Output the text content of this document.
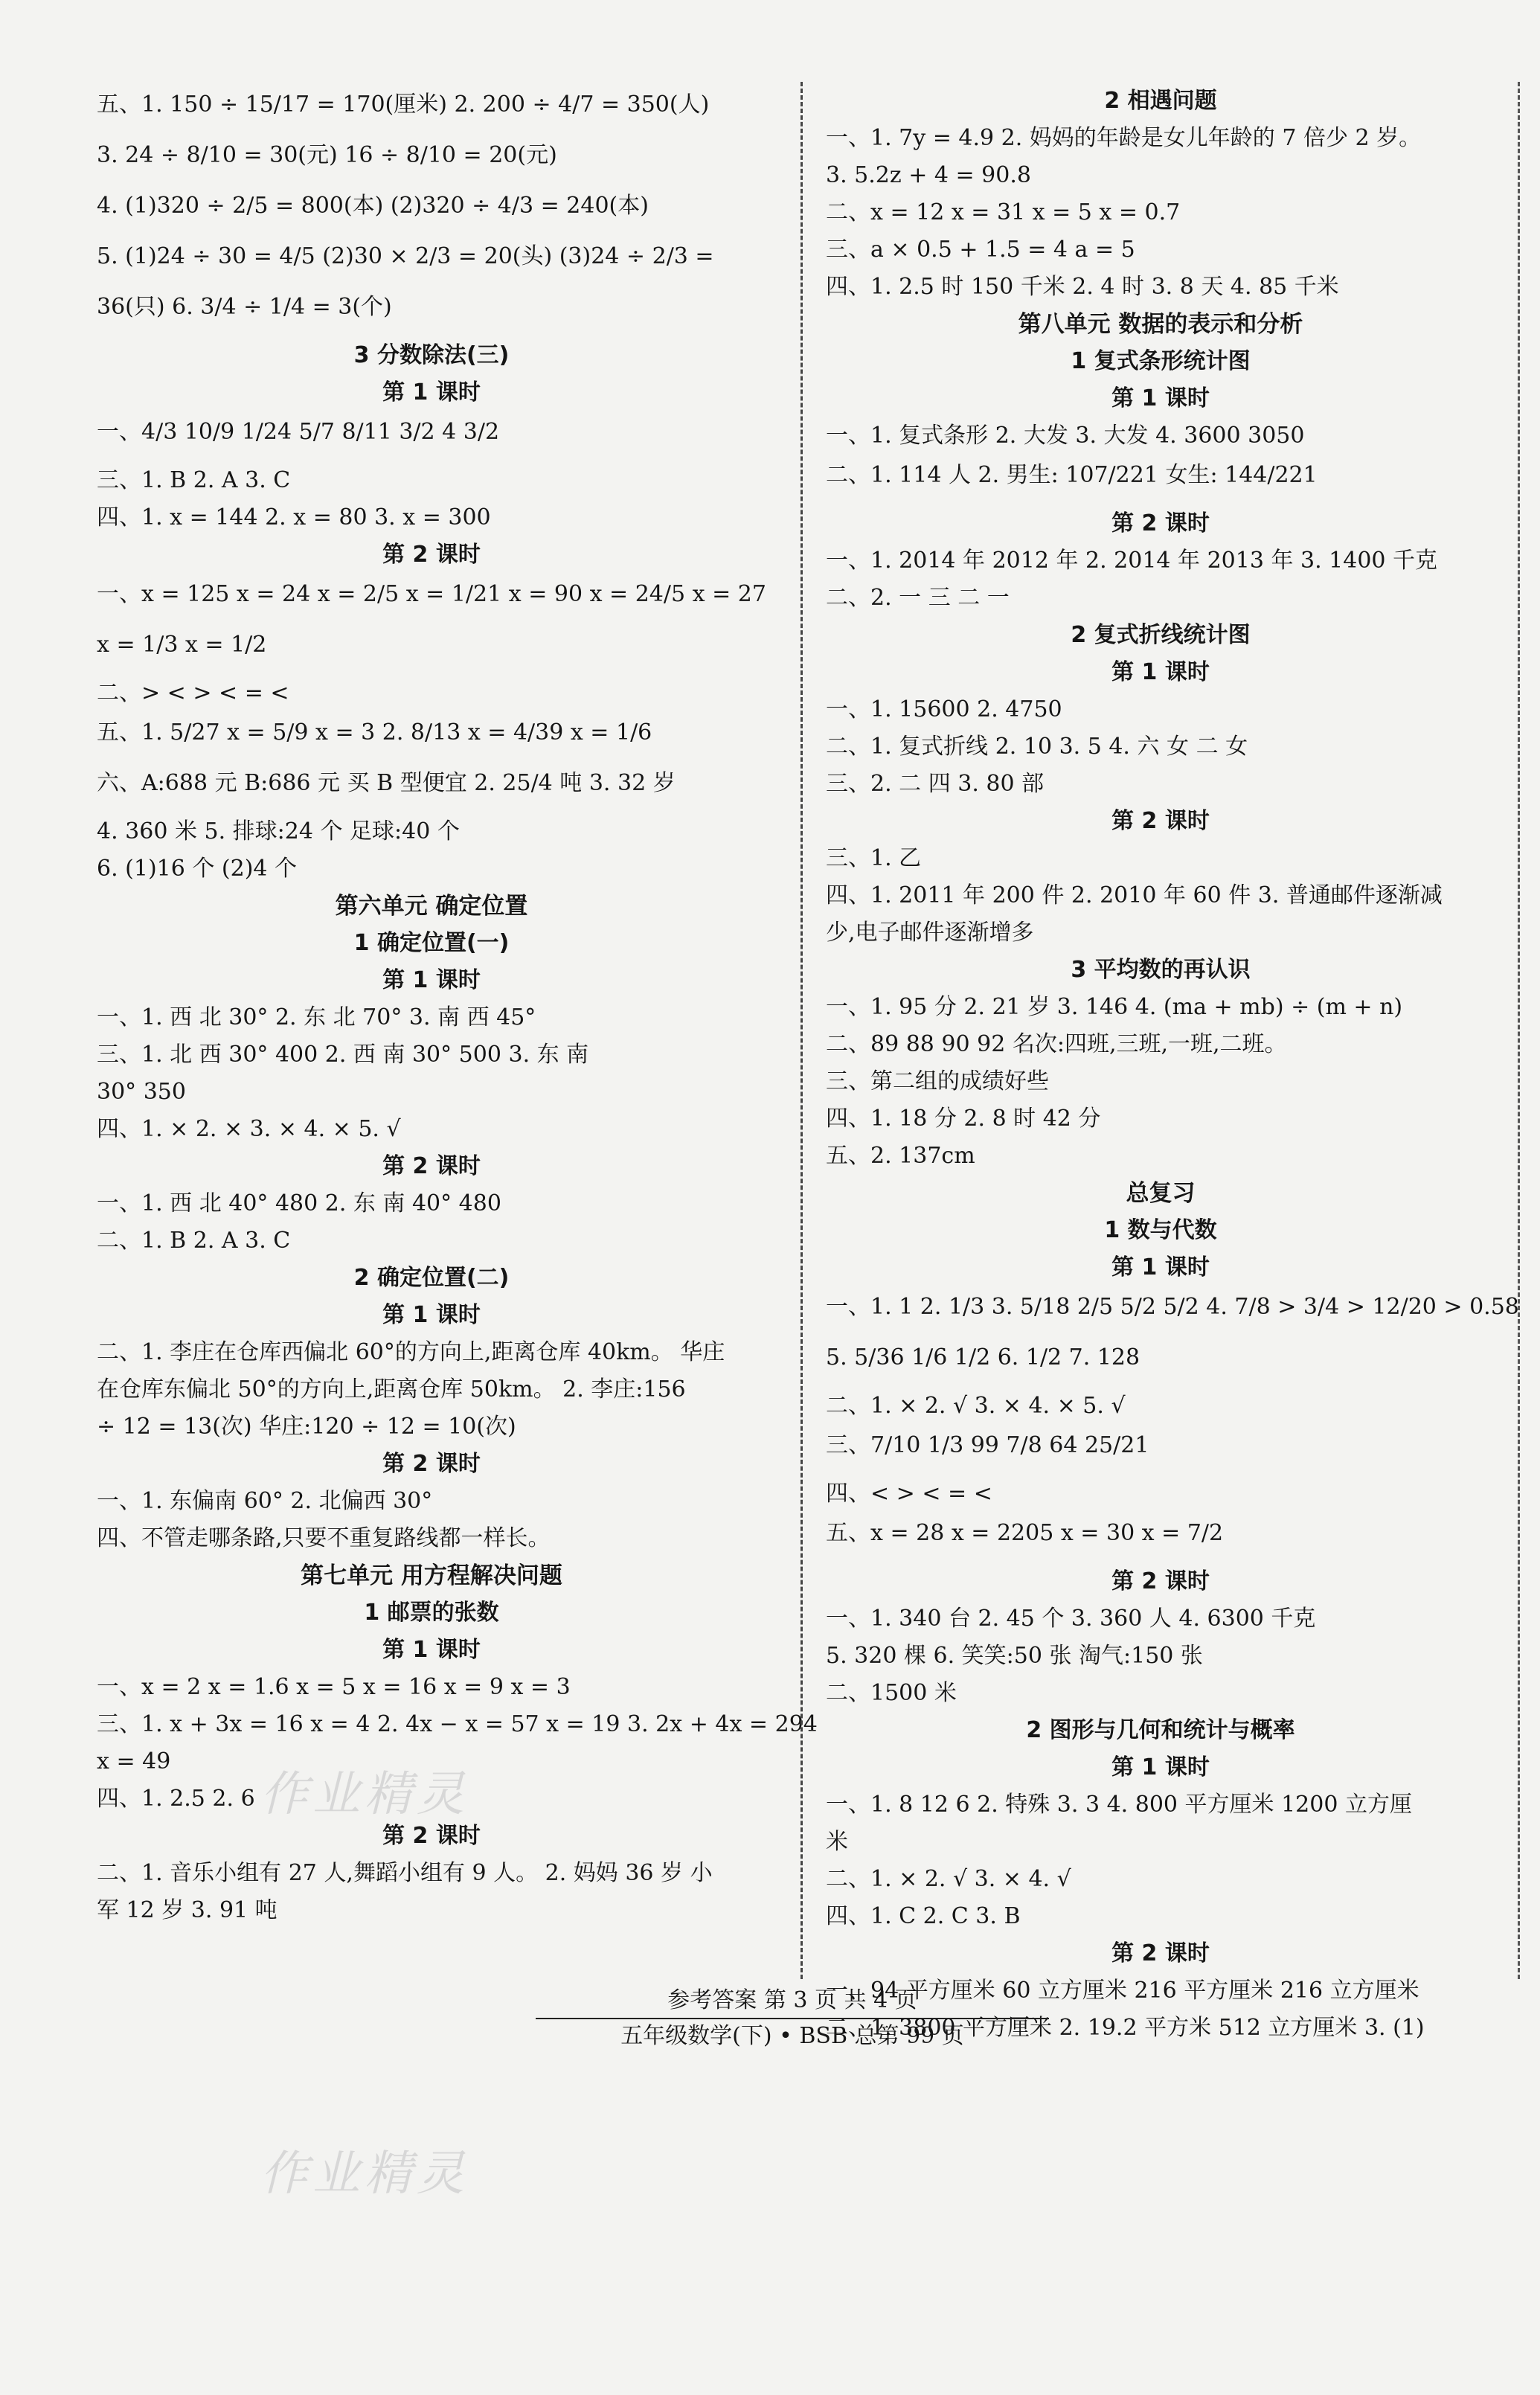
五、1. 150 ÷ 15/17 = 170(厘米) 2. 200 ÷ 4/7 = 350(人)
3. 24 ÷ 8/10 = 30(元) 16 ÷ 8/10 = 20(元)
4. (1)320 ÷ 2/5 = 800(本) (2)320 ÷ 4/3 = 240(本)
5. (1)24 ÷ 30 = 4/5 (2)30 × 2/3 = 20(头) (3)24 ÷ 2/3 =
36(只) 6. 3/4 ÷ 1/4 = 3(个)
3 分数除法(三)
第 1 课时
一、4/3 10/9 1/24 5/7 8/11 3/2 4 3/2
三、1. B 2. A 3. C
四、1. x = 144 2. x = 80 3. x = 300
第 2 课时
一、x = 125 x = 24 x = 2/5 x = 1/21 x = 90 x = 24/5 x = 27
x = 1/3 x = 1/2
二、> < > < = <
五、1. 5/27 x = 5/9 x = 3 2. 8/13 x = 4/39 x = 1/6
六、A:688 元 B:686 元 买 B 型便宜 2. 25/4 吨 3. 32 岁
4. 360 米 5. 排球:24 个 足球:40 个
6. (1)16 个 (2)4 个
第六单元 确定位置
1 确定位置(一)
第 1 课时
一、1. 西 北 30° 2. 东 北 70° 3. 南 西 45°
三、1. 北 西 30° 400 2. 西 南 30° 500 3. 东 南
30° 350
四、1. × 2. × 3. × 4. × 5. √
第 2 课时
一、1. 西 北 40° 480 2. 东 南 40° 480
二、1. B 2. A 3. C
2 确定位置(二)
第 1 课时
二、1. 李庄在仓库西偏北 60°的方向上,距离仓库 40km。 华庄
在仓库东偏北 50°的方向上,距离仓库 50km。 2. 李庄:156
÷ 12 = 13(次) 华庄:120 ÷ 12 = 10(次)
第 2 课时
一、1. 东偏南 60° 2. 北偏西 30°
四、不管走哪条路,只要不重复路线都一样长。
第七单元 用方程解决问题
1 邮票的张数
第 1 课时
一、x = 2 x = 1.6 x = 5 x = 16 x = 9 x = 3
三、1. x + 3x = 16 x = 4 2. 4x − x = 57 x = 19 3. 2x + 4x = 294
x = 49
四、1. 2.5 2. 6
第 2 课时
二、1. 音乐小组有 27 人,舞蹈小组有 9 人。 2. 妈妈 36 岁 小
军 12 岁 3. 91 吨
2 相遇问题
一、1. 7y = 4.9 2. 妈妈的年龄是女儿年龄的 7 倍少 2 岁。
3. 5.2z + 4 = 90.8
二、x = 12 x = 31 x = 5 x = 0.7
三、a × 0.5 + 1.5 = 4 a = 5
四、1. 2.5 时 150 千米 2. 4 时 3. 8 天 4. 85 千米
第八单元 数据的表示和分析
1 复式条形统计图
第 1 课时
一、1. 复式条形 2. 大发 3. 大发 4. 3600 3050
二、1. 114 人 2. 男生: 107/221 女生: 144/221
第 2 课时
一、1. 2014 年 2012 年 2. 2014 年 2013 年 3. 1400 千克
二、2. 一 三 二 一
2 复式折线统计图
第 1 课时
一、1. 15600 2. 4750
二、1. 复式折线 2. 10 3. 5 4. 六 女 二 女
三、2. 二 四 3. 80 部
第 2 课时
三、1. 乙
四、1. 2011 年 200 件 2. 2010 年 60 件 3. 普通邮件逐渐减
少,电子邮件逐渐增多
3 平均数的再认识
一、1. 95 分 2. 21 岁 3. 146 4. (ma + mb) ÷ (m + n)
二、89 88 90 92 名次:四班,三班,一班,二班。
三、第二组的成绩好些
四、1. 18 分 2. 8 时 42 分
五、2. 137cm
总复习
1 数与代数
第 1 课时
一、1. 1 2. 1/3 3. 5/18 2/5 5/2 5/2 4. 7/8 > 3/4 > 12/20 > 0.58
5. 5/36 1/6 1/2 6. 1/2 7. 128
二、1. × 2. √ 3. × 4. × 5. √
三、7/10 1/3 99 7/8 64 25/21
四、< > < = <
五、x = 28 x = 2205 x = 30 x = 7/2
第 2 课时
一、1. 340 台 2. 45 个 3. 360 人 4. 6300 千克
5. 320 棵 6. 笑笑:50 张 淘气:150 张
二、1500 米
2 图形与几何和统计与概率
第 1 课时
一、1. 8 12 6 2. 特殊 3. 3 4. 800 平方厘米 1200 立方厘
米
二、1. × 2. √ 3. × 4. √
四、1. C 2. C 3. B
第 2 课时
一、94 平方厘米 60 立方厘米 216 平方厘米 216 立方厘米
二、1. 3800 平方厘米 2. 19.2 平方米 512 立方厘米 3. (1)
参考答案 第 3 页 共 4 页
五年级数学(下) • BSB 总第 99 页
作业精灵
作业精灵
